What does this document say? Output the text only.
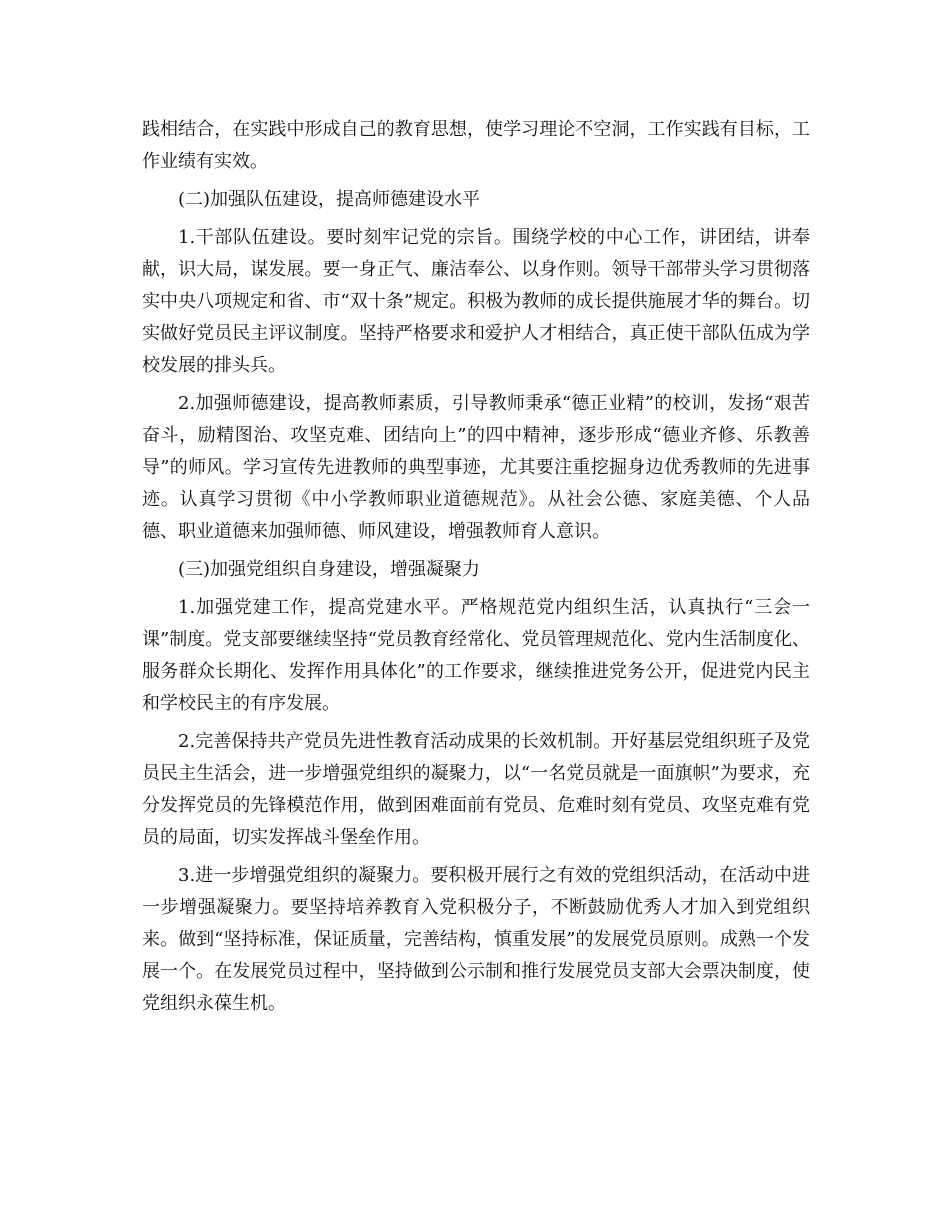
践相结合，在实践中形成自己的教育思想，使学习理论不空洞，工作实践有目标，工作业绩有实效。

(二)加强队伍建设，提高师德建设水平

1.干部队伍建设。要时刻牢记党的宗旨。围绕学校的中心工作，讲团结，讲奉献，识大局，谋发展。要一身正气、廉洁奉公、以身作则。领导干部带头学习贯彻落实中央八项规定和省、市“双十条”规定。积极为教师的成长提供施展才华的舞台。切实做好党员民主评议制度。坚持严格要求和爱护人才相结合，真正使干部队伍成为学校发展的排头兵。

2.加强师德建设，提高教师素质，引导教师秉承“德正业精”的校训，发扬“艰苦奋斗，励精图治、攻坚克难、团结向上”的四中精神，逐步形成“德业齐修、乐教善导”的师风。学习宣传先进教师的典型事迹，尤其要注重挖掘身边优秀教师的先进事迹。认真学习贯彻《中小学教师职业道德规范》。从社会公德、家庭美德、个人品德、职业道德来加强师德、师风建设，增强教师育人意识。

(三)加强党组织自身建设，增强凝聚力

1.加强党建工作，提高党建水平。严格规范党内组织生活，认真执行“三会一课”制度。党支部要继续坚持“党员教育经常化、党员管理规范化、党内生活制度化、服务群众长期化、发挥作用具体化”的工作要求，继续推进党务公开，促进党内民主和学校民主的有序发展。

2.完善保持共产党员先进性教育活动成果的长效机制。开好基层党组织班子及党员民主生活会，进一步增强党组织的凝聚力，以“一名党员就是一面旗帜”为要求，充分发挥党员的先锋模范作用，做到困难面前有党员、危难时刻有党员、攻坚克难有党员的局面，切实发挥战斗堡垒作用。

3.进一步增强党组织的凝聚力。要积极开展行之有效的党组织活动，在活动中进一步增强凝聚力。要坚持培养教育入党积极分子，不断鼓励优秀人才加入到党组织来。做到“坚持标准，保证质量，完善结构，慎重发展”的发展党员原则。成熟一个发展一个。在发展党员过程中，坚持做到公示制和推行发展党员支部大会票决制度，使党组织永葆生机。
